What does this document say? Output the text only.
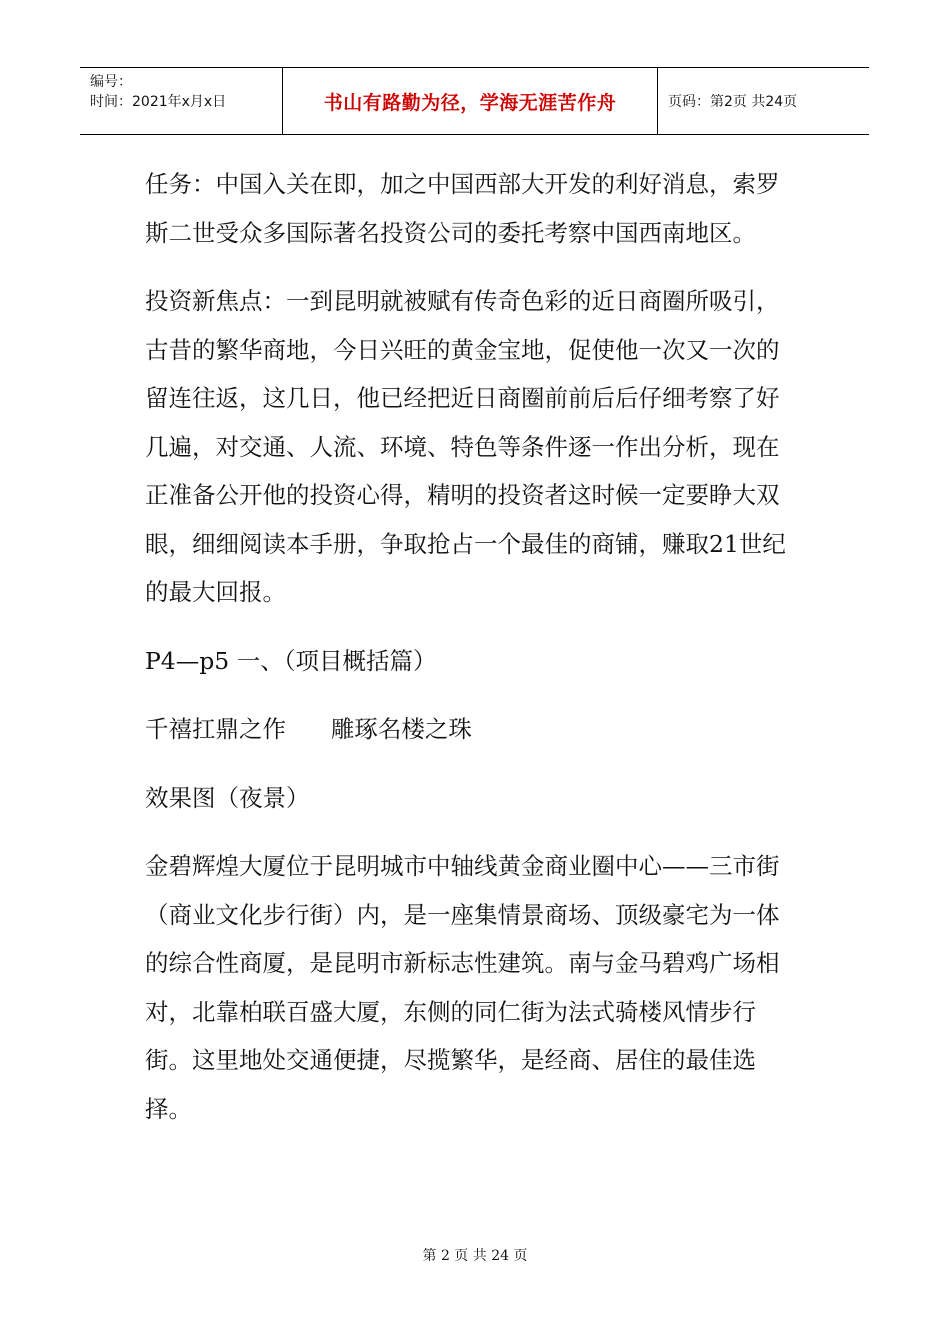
编号：
时间：2021年x月x日	书山有路勤为径，学海无涯苦作舟	页码：第2页 共24页

任务：中国入关在即，加之中国西部大开发的利好消息，索罗斯二世受众多国际著名投资公司的委托考察中国西南地区。

投资新焦点：一到昆明就被赋有传奇色彩的近日商圈所吸引，古昔的繁华商地，今日兴旺的黄金宝地，促使他一次又一次的留连往返，这几日，他已经把近日商圈前前后后仔细考察了好几遍，对交通、人流、环境、特色等条件逐一作出分析，现在正准备公开他的投资心得，精明的投资者这时候一定要睁大双眼，细细阅读本手册，争取抢占一个最佳的商铺，赚取21世纪的最大回报。

P4—p5 一、（项目概括篇）

千禧扛鼎之作      雕琢名楼之珠

效果图（夜景）

金碧辉煌大厦位于昆明城市中轴线黄金商业圈中心——三市街（商业文化步行街）内，是一座集情景商场、顶级豪宅为一体的综合性商厦，是昆明市新标志性建筑。南与金马碧鸡广场相对，北靠柏联百盛大厦，东侧的同仁街为法式骑楼风情步行街。这里地处交通便捷，尽揽繁华，是经商、居住的最佳选择。

第 2 页 共 24 页
